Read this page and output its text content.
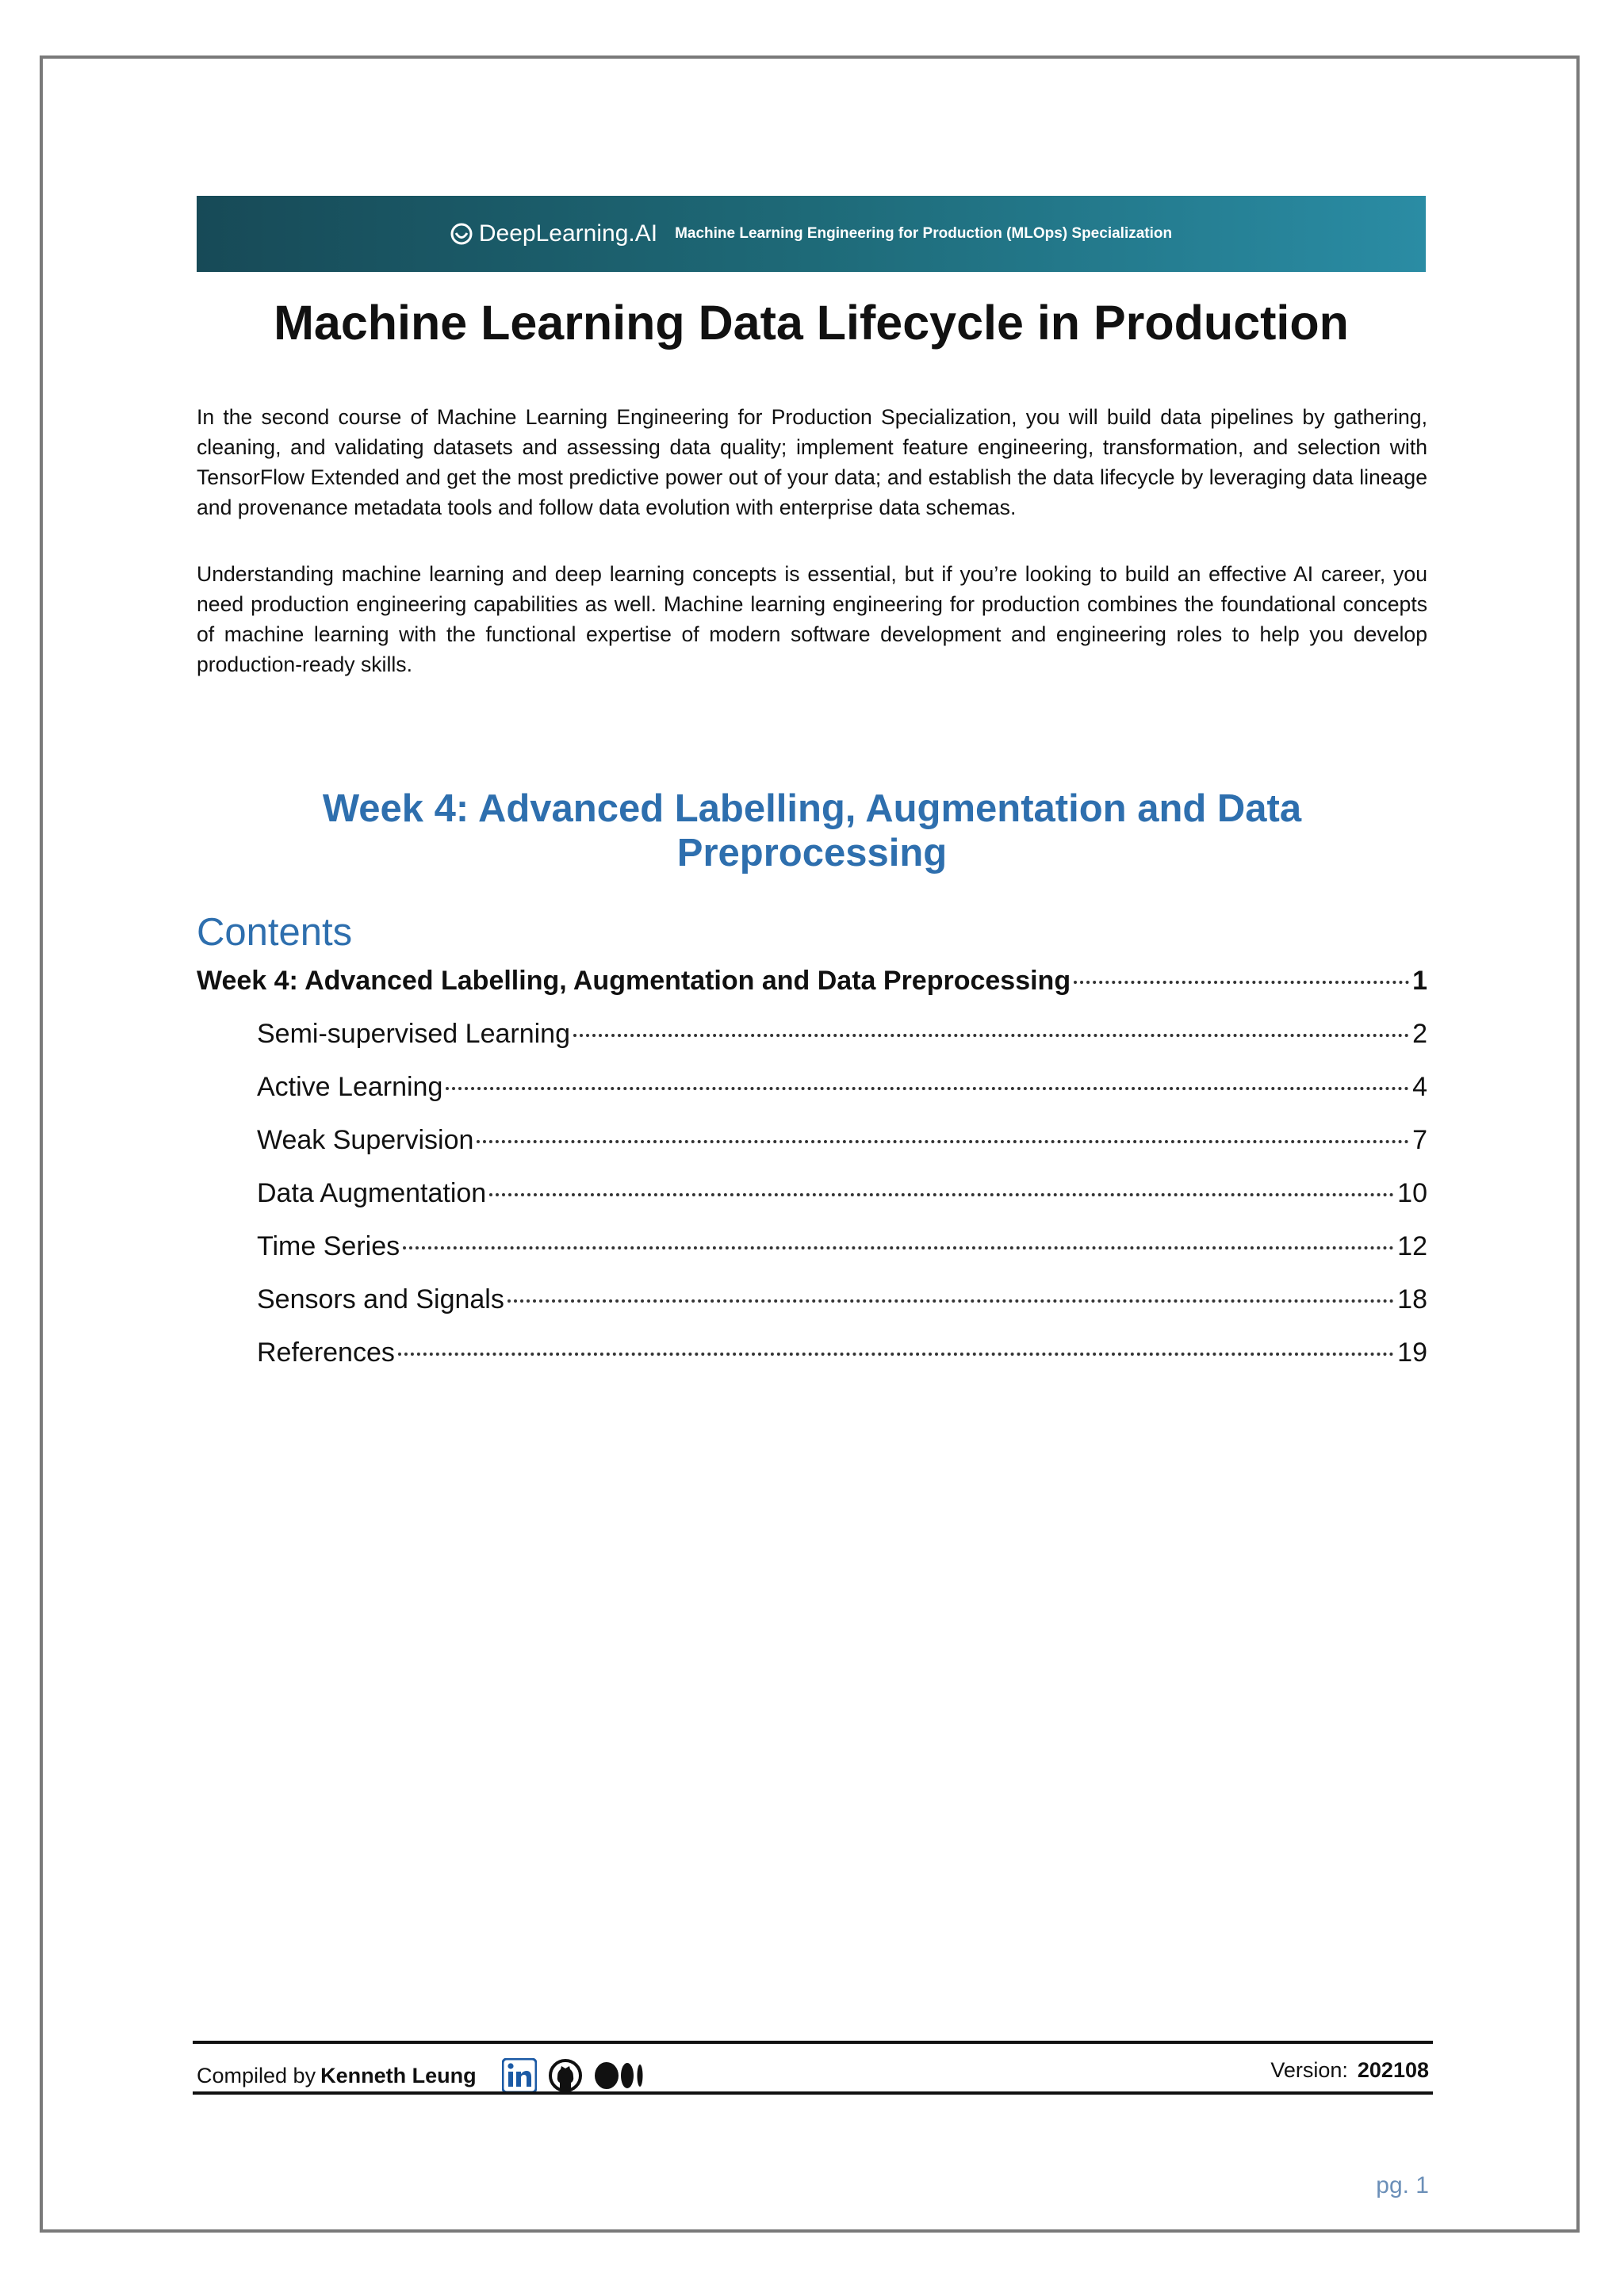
DeepLearning.AI Machine Learning Engineering for Production (MLOps) Specialization
Machine Learning Data Lifecycle in Production

In the second course of Machine Learning Engineering for Production Specialization, you will build data pipelines by gathering, cleaning, and validating datasets and assessing data quality; implement feature engineering, transformation, and selection with TensorFlow Extended and get the most predictive power out of your data; and establish the data lifecycle by leveraging data lineage and provenance metadata tools and follow data evolution with enterprise data schemas.

Understanding machine learning and deep learning concepts is essential, but if you’re looking to build an effective AI career, you need production engineering capabilities as well. Machine learning engineering for production combines the foundational concepts of machine learning with the functional expertise of modern software development and engineering roles to help you develop production-ready skills.

Week 4: Advanced Labelling, Augmentation and Data Preprocessing
Contents
Week 4: Advanced Labelling, Augmentation and Data Preprocessing	1
Semi-supervised Learning	2
Active Learning	4
Weak Supervision	7
Data Augmentation	10
Time Series	12
Sensors and Signals	18
References	19
Compiled by Kenneth Leung	Version: 202108
pg. 1
